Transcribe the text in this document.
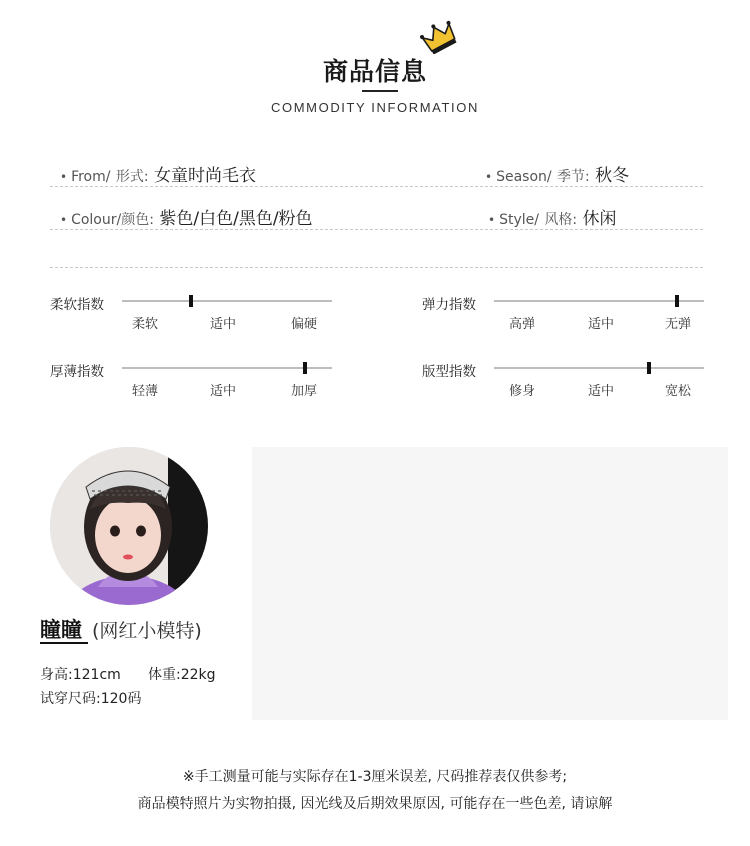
商品信息
COMMODITY INFORMATION
• From/ 形式: 女童时尚毛衣	• Season/ 季节: 秋冬
• Colour/颜色: 紫色/白色/黑色/粉色	• Style/ 风格: 休闲
柔软指数
柔软	适中	偏硬
弹力指数
高弹	适中	无弹
厚薄指数
轻薄	适中	加厚
版型指数
修身	适中	宽松
瞳瞳 (网红小模特)
身高:121cm 体重:22kg
试穿尺码:120码
※手工测量可能与实际存在1-3厘米误差, 尺码推荐表仅供参考;
商品模特照片为实物拍摄, 因光线及后期效果原因, 可能存在一些色差, 请谅解
